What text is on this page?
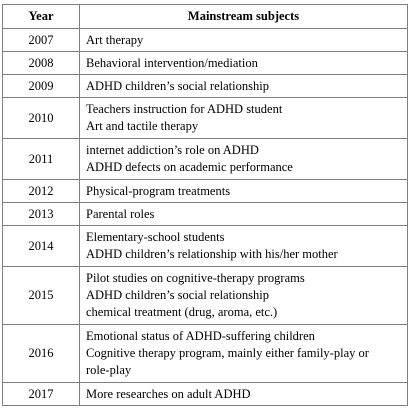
Year	Mainstream subjects
2007	Art therapy

2008	Behavioral intervention/mediation

2009	ADHD children’s social relationship

2010	Teachers instruction for ADHD student
Art and tactile therapy

2011	internet addiction’s role on ADHD
ADHD defects on academic performance

2012	Physical-program treatments

2013	Parental roles

2014	Elementary-school students
ADHD children’s relationship with his/her mother

2015	Pilot studies on cognitive-therapy programs
ADHD children’s social relationship
chemical treatment (drug, aroma, etc.)

2016	Emotional status of ADHD-suffering children
Cognitive therapy program, mainly either family-play or
role-play

2017	More researches on adult ADHD
